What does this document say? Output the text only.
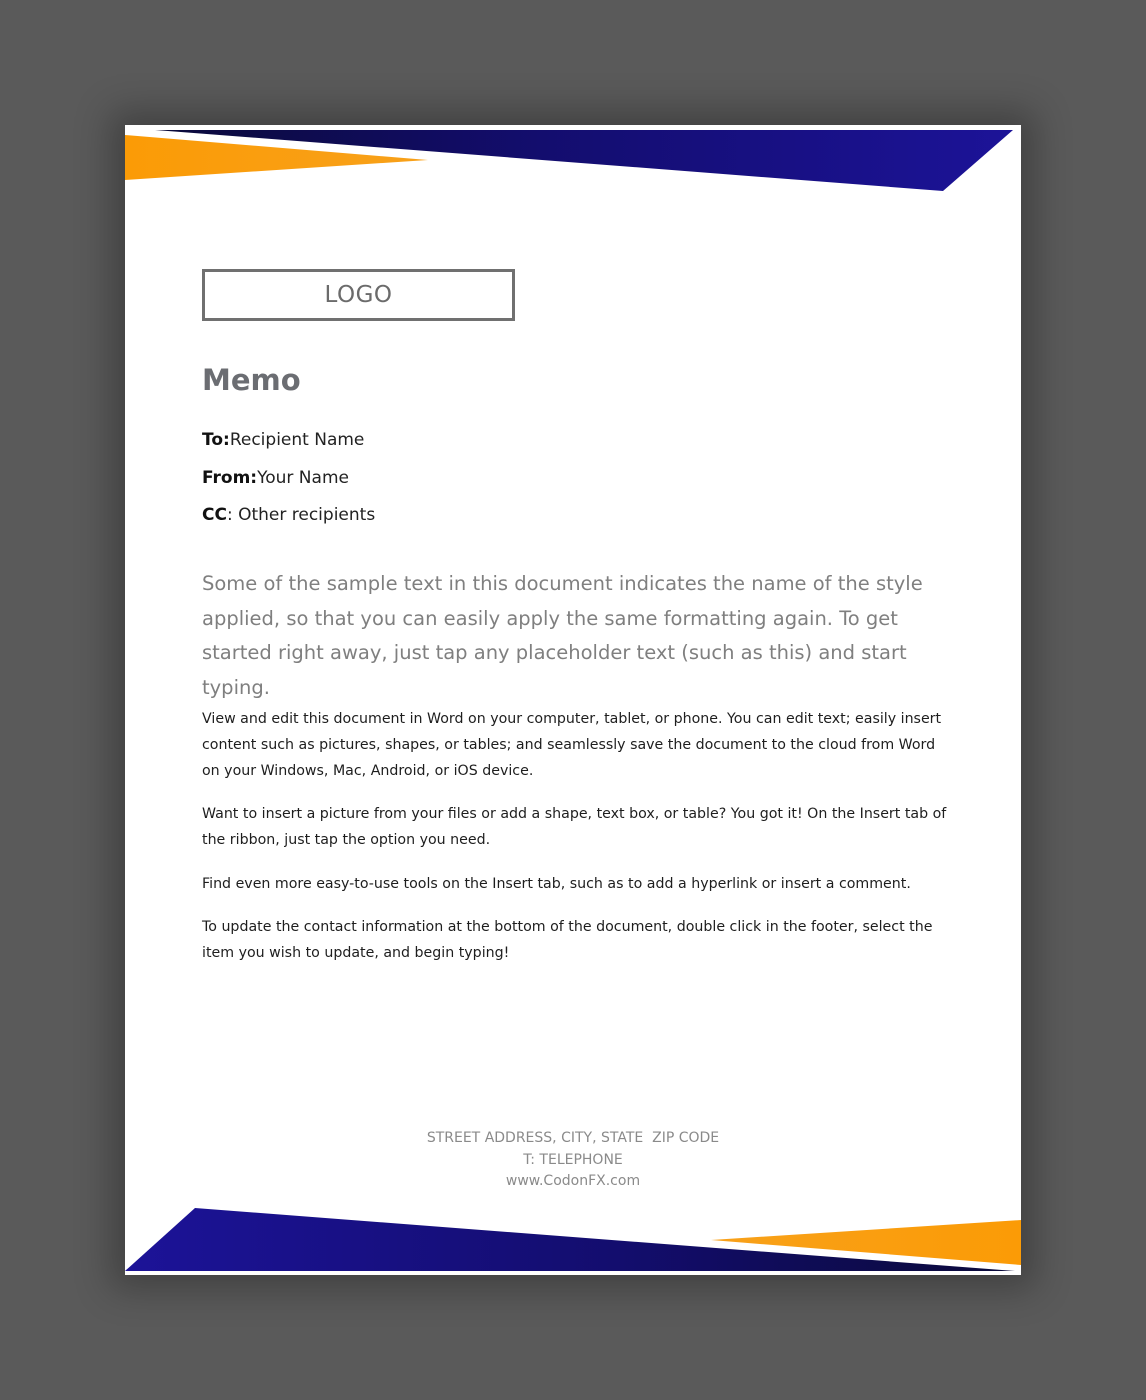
LOGO
Memo
To:Recipient Name
From:Your Name
CC: Other recipients

Some of the sample text in this document indicates the name of the style applied, so that you can easily apply the same formatting again. To get started right away, just tap any placeholder text (such as this) and start typing.

View and edit this document in Word on your computer, tablet, or phone. You can edit text; easily insert content such as pictures, shapes, or tables; and seamlessly save the document to the cloud from Word on your Windows, Mac, Android, or iOS device.

Want to insert a picture from your files or add a shape, text box, or table? You got it! On the Insert tab of the ribbon, just tap the option you need.

Find even more easy-to-use tools on the Insert tab, such as to add a hyperlink or insert a comment.

To update the contact information at the bottom of the document, double click in the footer, select the item you wish to update, and begin typing!

STREET ADDRESS, CITY, STATE  ZIP CODE
T: TELEPHONE
www.CodonFX.com
